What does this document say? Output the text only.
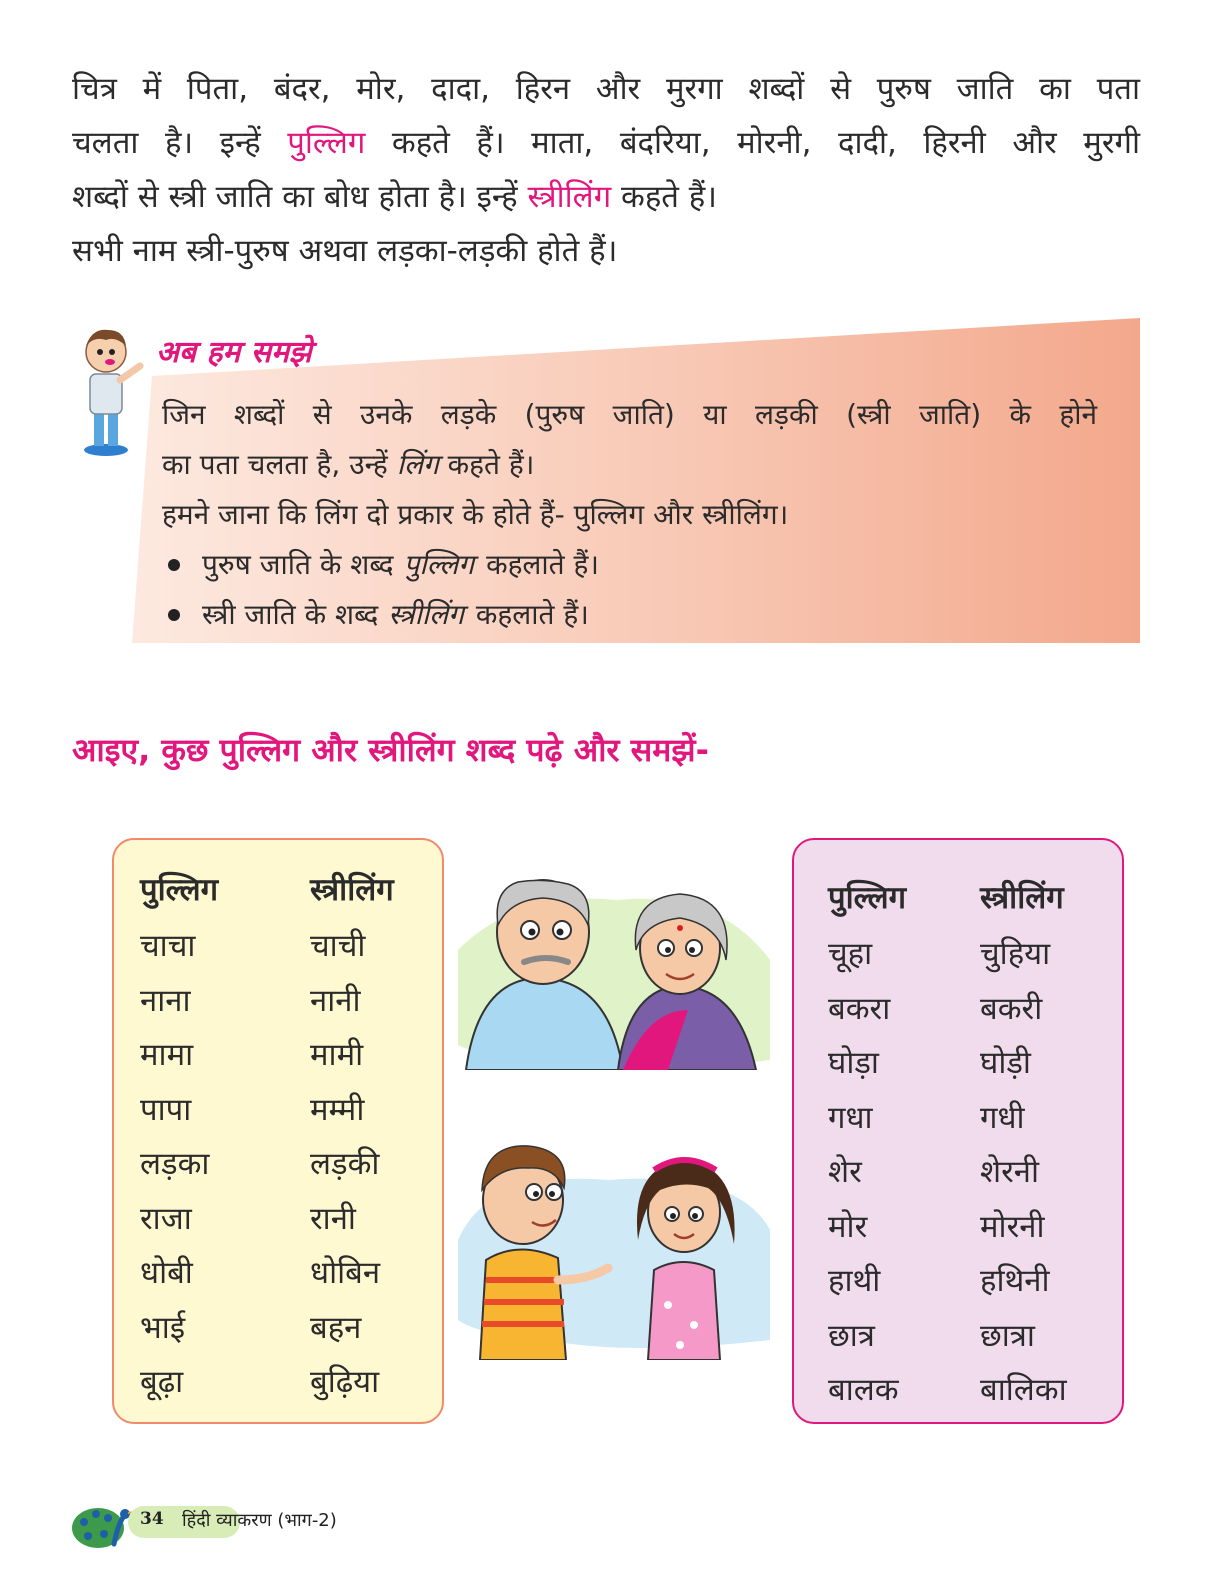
चित्र में पिता, बंदर, मोर, दादा, हिरन और मुरगा शब्दों से पुरुष जाति का पता

चलता है। इन्हें पुल्लिग कहते हैं। माता, बंदरिया, मोरनी, दादी, हिरनी और मुरगी

शब्दों से स्त्री जाति का बोध होता है। इन्हें स्त्रीलिंग कहते हैं।

सभी नाम स्त्री-पुरुष अथवा लड़का-लड़की होते हैं।

अब हम समझे

जिन शब्दों से उनके लड़के (पुरुष जाति) या लड़की (स्त्री जाति) के होने

का पता चलता है, उन्हें लिंग कहते हैं।

हमने जाना कि लिंग दो प्रकार के होते हैं- पुल्लिग और स्त्रीलिंग।

पुरुष जाति के शब्द पुल्लिग कहलाते हैं।

स्त्री जाति के शब्द स्त्रीलिंग कहलाते हैं।

आइए, कुछ पुल्लिग और स्त्रीलिंग शब्द पढ़े और समझें-
पुल्लिग	स्त्रीलिंग
चाचा	चाची
नाना	नानी
मामा	मामी
पापा	मम्मी
लड़का	लड़की
राजा	रानी
धोबी	धोबिन
भाई	बहन
बूढ़ा	बुढ़िया
पुल्लिग	स्त्रीलिंग
चूहा	चुहिया
बकरा	बकरी
घोड़ा	घोड़ी
गधा	गधी
शेर	शेरनी
मोर	मोरनी
हाथी	हथिनी
छात्र	छात्रा
बालक	बालिका
34 हिंदी व्याकरण (भाग-2)
